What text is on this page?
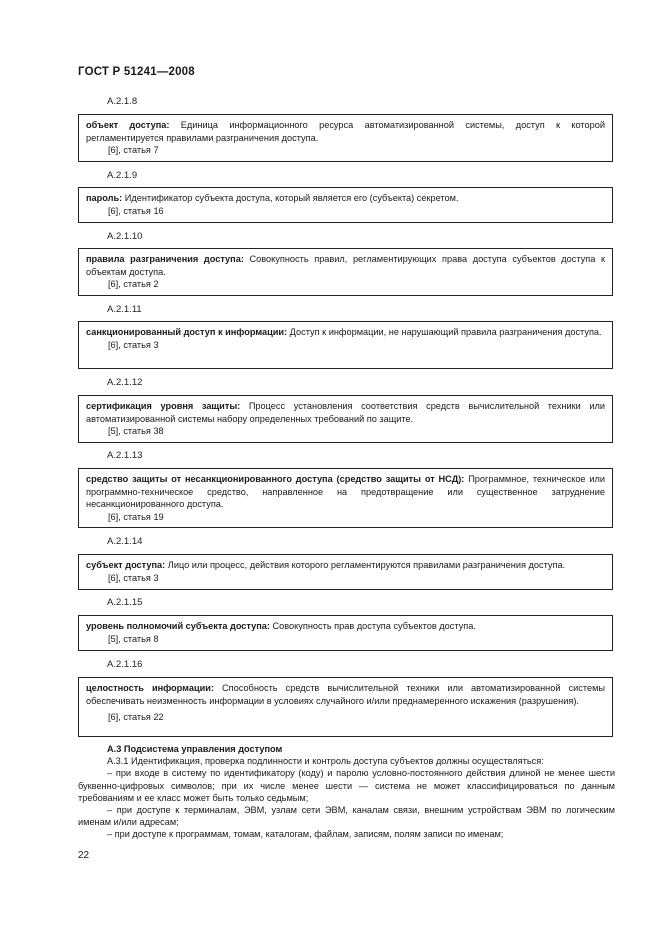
ГОСТ Р 51241—2008
А.2.1.8
объект доступа: Единица информационного ресурса автоматизированной системы, доступ к которой регламентируется правилами разграничения доступа.
[6], статья 7
А.2.1.9
пароль: Идентификатор субъекта доступа, который является его (субъекта) секретом.
[6], статья 16
А.2.1.10
правила разграничения доступа: Совокупность правил, регламентирующих права доступа субъектов доступа к объектам доступа.
[6], статья 2
А.2.1.11
санкционированный доступ к информации: Доступ к информации, не нарушающий правила разграничения доступа.
[6], статья 3
А.2.1.12
сертификация уровня защиты: Процесс установления соответствия средств вычислительной техники или автоматизированной системы набору определенных требований по защите.
[5], статья 38
А.2.1.13
средство защиты от несанкционированного доступа (средство защиты от НСД): Программное, техническое или программно-техническое средство, направленное на предотвращение или существенное затруднение несанкционированного доступа.
[6], статья 19
А.2.1.14
субъект доступа: Лицо или процесс, действия которого регламентируются правилами разграничения доступа.
[6], статья 3
А.2.1.15
уровень полномочий субъекта доступа: Совокупность прав доступа субъектов доступа.
[5], статья 8
А.2.1.16
целостность информации: Способность средств вычислительной техники или автоматизированной системы обеспечивать неизменность информации в условиях случайного и/или преднамеренного искажения (разрушения).
[6], статья 22
А.3 Подсистема управления доступом
А.3.1 Идентификация, проверка подлинности и контроль доступа субъектов должны осуществляться:
– при входе в систему по идентификатору (коду) и паролю условно-постоянного действия длиной не менее шести буквенно-цифровых символов; при их числе менее шести — система не может классифицироваться по данным требованиям и ее класс может быть только седьмым;
– при доступе к терминалам, ЭВМ, узлам сети ЭВМ, каналам связи, внешним устройствам ЭВМ по логическим именам и/или адресам;
– при доступе к программам, томам, каталогам, файлам, записям, полям записи по именам;
22
